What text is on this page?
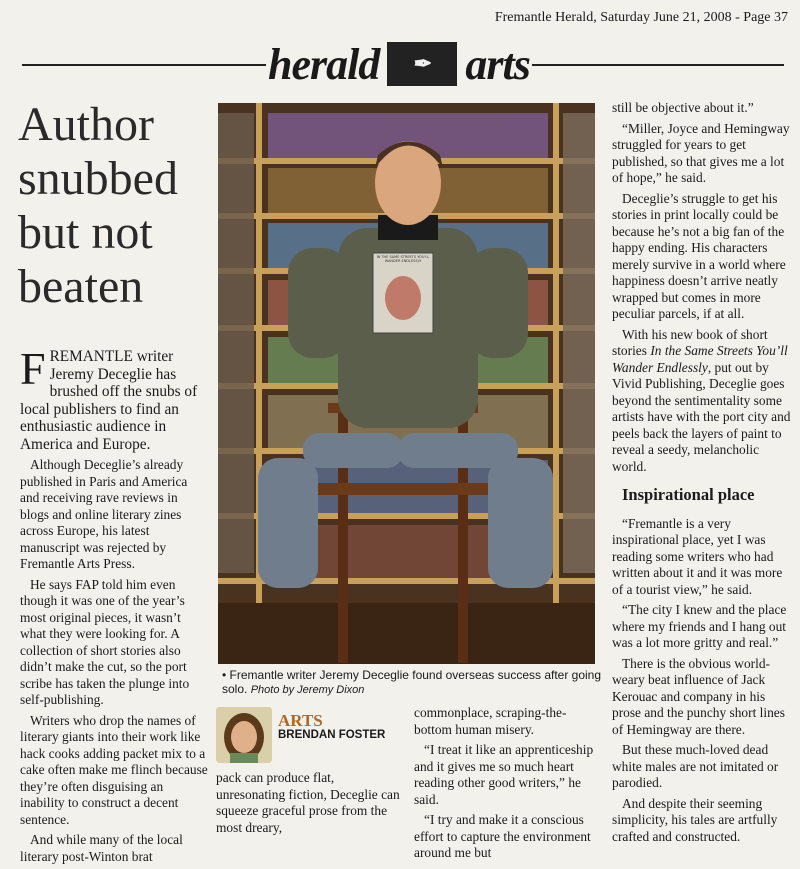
Fremantle Herald, Saturday June 21, 2008 - Page 37
herald	✒ arts
Author
snubbed
but not
beaten

FREMANTLE writer Jeremy Deceglie has brushed off the snubs of local publishers to find an enthusiastic audience in America and Europe.

Although Deceglie’s already published in Paris and America and receiving rave reviews in blogs and online literary zines across Europe, his latest manuscript was rejected by Fremantle Arts Press.

He says FAP told him even though it was one of the year’s most original pieces, it wasn’t what they were looking for. A collection of short stories also didn’t make the cut, so the port scribe has taken the plunge into self-publishing.

Writers who drop the names of literary giants into their work like hack cooks adding packet mix to a cake often make me flinch because they’re often disguising an inability to construct a decent sentence.

And while many of the local literary post-Winton brat

IN THE SAME STREETS YOU'LL WANDER ENDLESSLY
• Fremantle writer Jeremy Deceglie found overseas success after going solo. Photo by Jeremy Dixon
ARTS
BRENDAN FOSTER

pack can produce flat, unresonating fiction, Deceglie can squeeze graceful prose from the most dreary,

commonplace, scraping-the-bottom human misery.

“I treat it like an apprenticeship and it gives me so much heart reading other good writers,” he said.

“I try and make it a conscious effort to capture the environment around me but

still be objective about it.”

“Miller, Joyce and Hemingway struggled for years to get published, so that gives me a lot of hope,” he said.

Deceglie’s struggle to get his stories in print locally could be because he’s not a big fan of the happy ending. His characters merely survive in a world where happiness doesn’t arrive neatly wrapped but comes in more peculiar parcels, if at all.

With his new book of short stories In the Same Streets You’ll Wander Endlessly, put out by Vivid Publishing, Deceglie goes beyond the sentimentality some artists have with the port city and peels back the layers of paint to reveal a seedy, melancholic world.

Inspirational place

“Fremantle is a very inspirational place, yet I was reading some writers who had written about it and it was more of a tourist view,” he said.

“The city I knew and the place where my friends and I hang out was a lot more gritty and real.”

There is the obvious world-weary beat influence of Jack Kerouac and company in his prose and the punchy short lines of Hemingway are there.

But these much-loved dead white males are not imitated or parodied.

And despite their seeming simplicity, his tales are artfully crafted and constructed.
